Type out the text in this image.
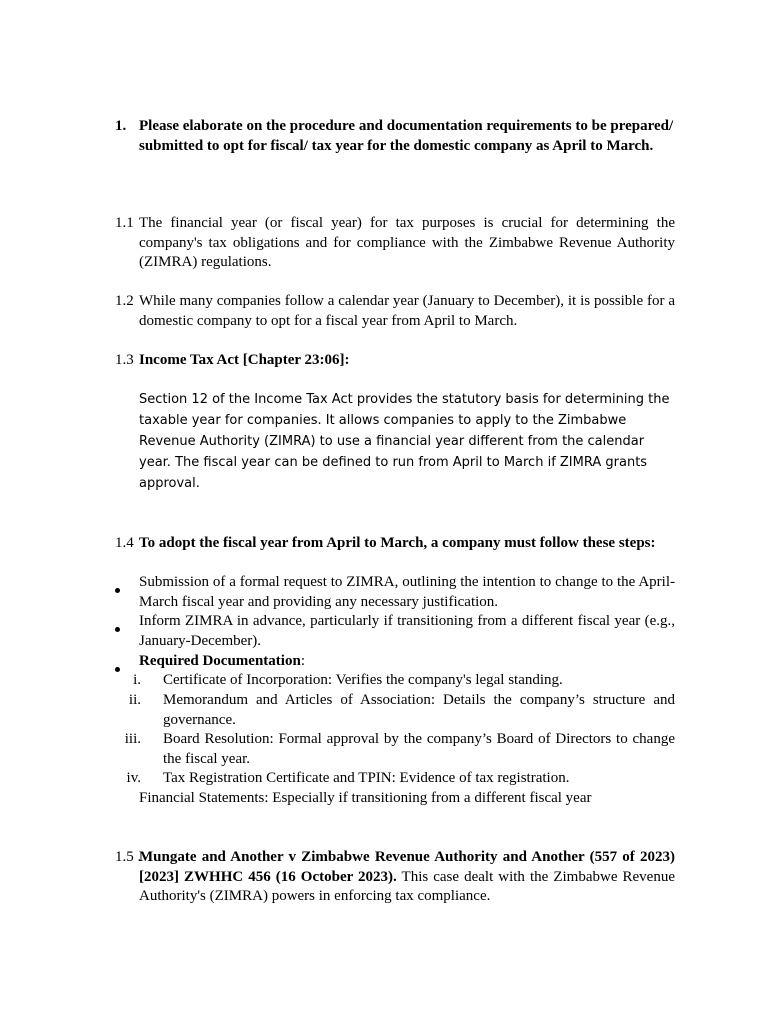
1. Please elaborate on the procedure and documentation requirements to be prepared/ submitted to opt for fiscal/ tax year for the domestic company as April to March.
1.1 The financial year (or fiscal year) for tax purposes is crucial for determining the company's tax obligations and for compliance with the Zimbabwe Revenue Authority (ZIMRA) regulations.
1.2 While many companies follow a calendar year (January to December), it is possible for a domestic company to opt for a fiscal year from April to March.
1.3 Income Tax Act [Chapter 23:06]:
Section 12 of the Income Tax Act provides the statutory basis for determining the taxable year for companies. It allows companies to apply to the Zimbabwe Revenue Authority (ZIMRA) to use a financial year different from the calendar year. The fiscal year can be defined to run from April to March if ZIMRA grants approval.
1.4 To adopt the fiscal year from April to March, a company must follow these steps:
Submission of a formal request to ZIMRA, outlining the intention to change to the April-March fiscal year and providing any necessary justification.
Inform ZIMRA in advance, particularly if transitioning from a different fiscal year (e.g., January-December).
Required Documentation:
i. Certificate of Incorporation: Verifies the company's legal standing.
ii. Memorandum and Articles of Association: Details the company’s structure and governance.
iii. Board Resolution: Formal approval by the company’s Board of Directors to change the fiscal year.
iv. Tax Registration Certificate and TPIN: Evidence of tax registration.
Financial Statements: Especially if transitioning from a different fiscal year
1.5 .
Mungate and Another v Zimbabwe Revenue Authority and Another (557 of 2023) [2023] ZWHHC 456 (16 October 2023). This case dealt with the Zimbabwe Revenue Authority's (ZIMRA) powers in enforcing tax compliance.
